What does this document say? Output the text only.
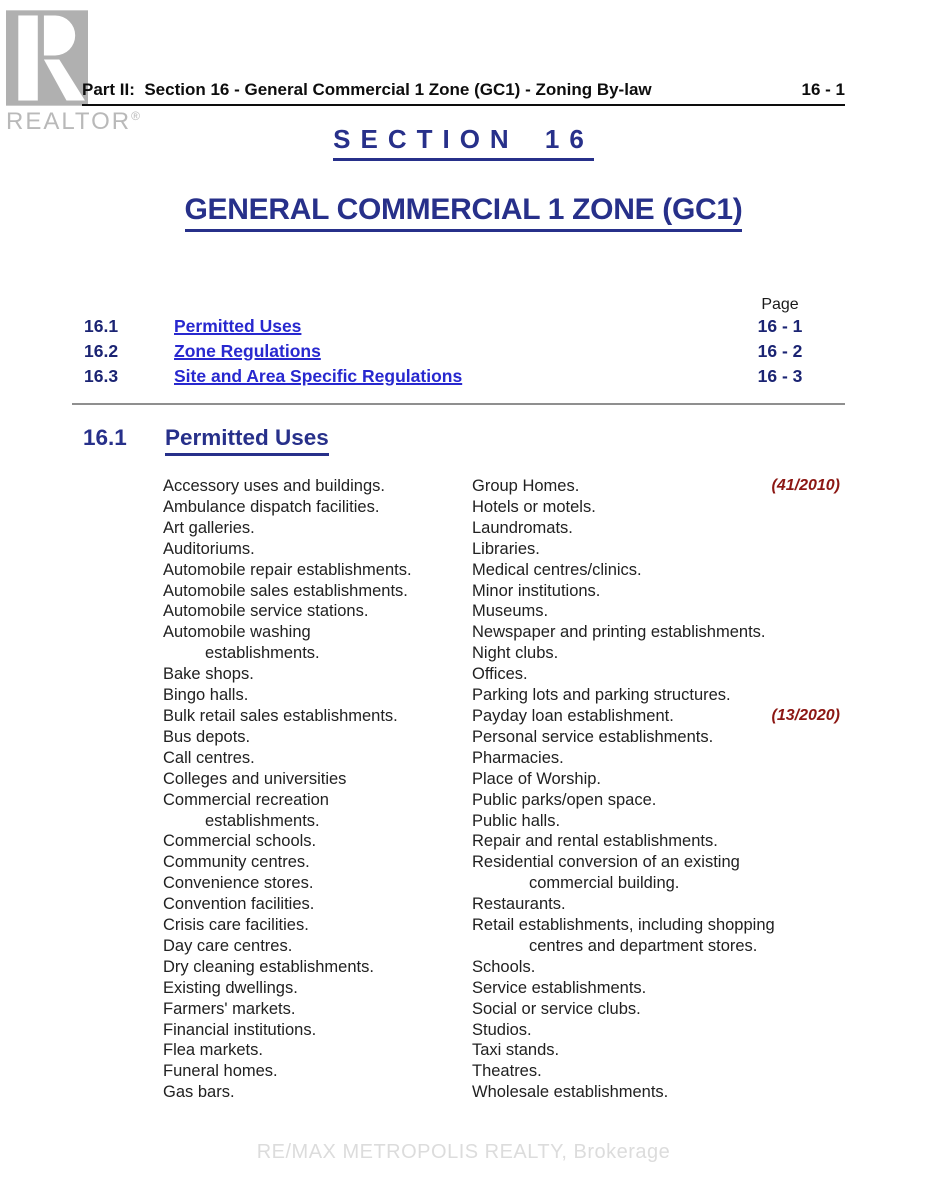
REALTOR®
Part II:  Section 16 - General Commercial 1 Zone (GC1) - Zoning By-law	16 - 1
SECTION 16
GENERAL COMMERCIAL 1 ZONE (GC1)
Page
16.1	Permitted Uses	16 - 1
16.2	Zone Regulations	16 - 2
16.3	Site and Area Specific Regulations	16 - 3
16.1	Permitted Uses
Accessory uses and buildings.
Ambulance dispatch facilities.
Art galleries.
Auditoriums.
Automobile repair establishments.
Automobile sales establishments.
Automobile service stations.
Automobile washing
establishments.
Bake shops.
Bingo halls.
Bulk retail sales establishments.
Bus depots.
Call centres.
Colleges and universities
Commercial recreation
establishments.
Commercial schools.
Community centres.
Convenience stores.
Convention facilities.
Crisis care facilities.
Day care centres.
Dry cleaning establishments.
Existing dwellings.
Farmers' markets.
Financial institutions.
Flea markets.
Funeral homes.
Gas bars.
Group Homes.	(41/2010)
Hotels or motels.
Laundromats.
Libraries.
Medical centres/clinics.
Minor institutions.
Museums.
Newspaper and printing establishments.
Night clubs.
Offices.
Parking lots and parking structures.
Payday loan establishment.	(13/2020)
Personal service establishments.
Pharmacies.
Place of Worship.
Public parks/open space.
Public halls.
Repair and rental establishments.
Residential conversion of an existing
commercial building.
Restaurants.
Retail establishments, including shopping
centres and department stores.
Schools.
Service establishments.
Social or service clubs.
Studios.
Taxi stands.
Theatres.
Wholesale establishments.
RE/MAX METROPOLIS REALTY, Brokerage
